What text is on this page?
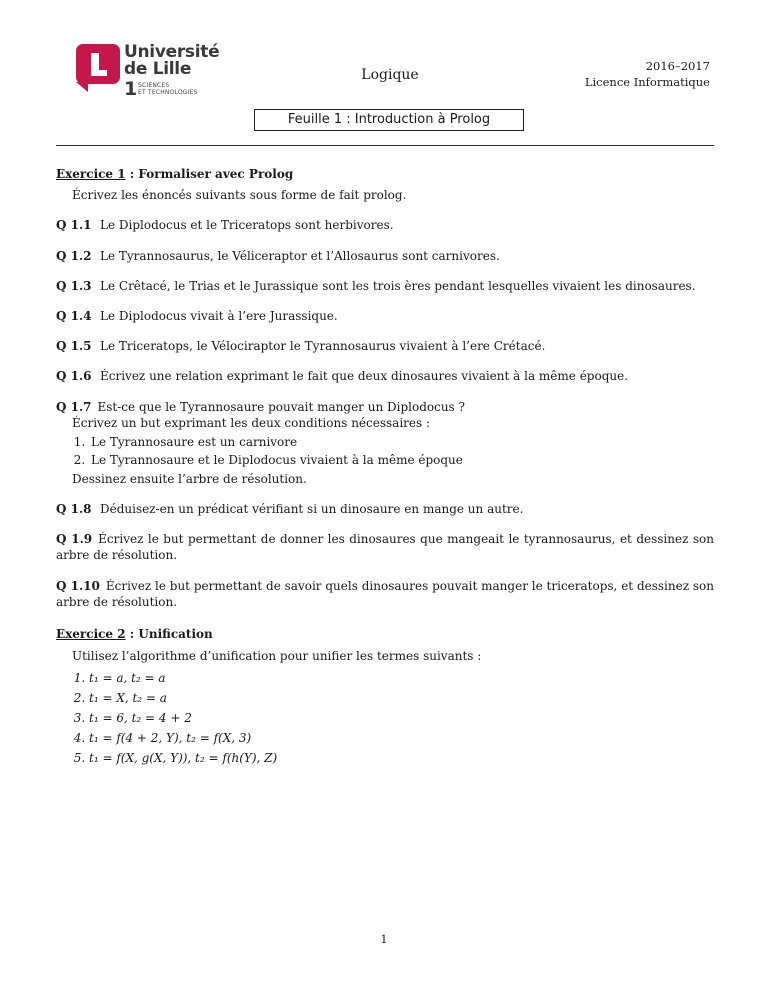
Université
de Lille
1 SCIENCES
ET TECHNOLOGIES
Logique
2016–2017
Licence Informatique
Feuille 1 : Introduction à Prolog
Exercice 1 : Formaliser avec Prolog
Écrivez les énoncés suivants sous forme de fait prolog.
Q 1.1 Le Diplodocus et le Triceratops sont herbivores.
Q 1.2 Le Tyrannosaurus, le Véliceraptor et l’Allosaurus sont carnivores.
Q 1.3 Le Crêtacé, le Trias et le Jurassique sont les trois ères pendant lesquelles vivaient les dinosaures.
Q 1.4 Le Diplodocus vivait à l’ere Jurassique.
Q 1.5 Le Triceratops, le Vélociraptor le Tyrannosaurus vivaient à l’ere Crétacé.
Q 1.6 Écrivez une relation exprimant le fait que deux dinosaures vivaient à la même époque.
Q 1.7 Est-ce que le Tyrannosaure pouvait manger un Diplodocus ?
Écrivez un but exprimant les deux conditions nécessaires :
1. Le Tyrannosaure est un carnivore
2. Le Tyrannosaure et le Diplodocus vivaient à la même époque
Dessinez ensuite l’arbre de résolution.
Q 1.8 Déduisez-en un prédicat vérifiant si un dinosaure en mange un autre.
Q 1.9 Écrivez le but permettant de donner les dinosaures que mangeait le tyrannosaurus, et dessinez son arbre de résolution.
Q 1.10 Écrivez le but permettant de savoir quels dinosaures pouvait manger le triceratops, et dessinez son arbre de résolution.
Exercice 2 : Unification
Utilisez l’algorithme d’unification pour unifier les termes suivants :
1. t₁ = a, t₂ = a
2. t₁ = X, t₂ = a
3. t₁ = 6, t₂ = 4 + 2
4. t₁ = f(4 + 2, Y), t₂ = f(X, 3)
5. t₁ = f(X, g(X, Y)), t₂ = f(h(Y), Z)
1
